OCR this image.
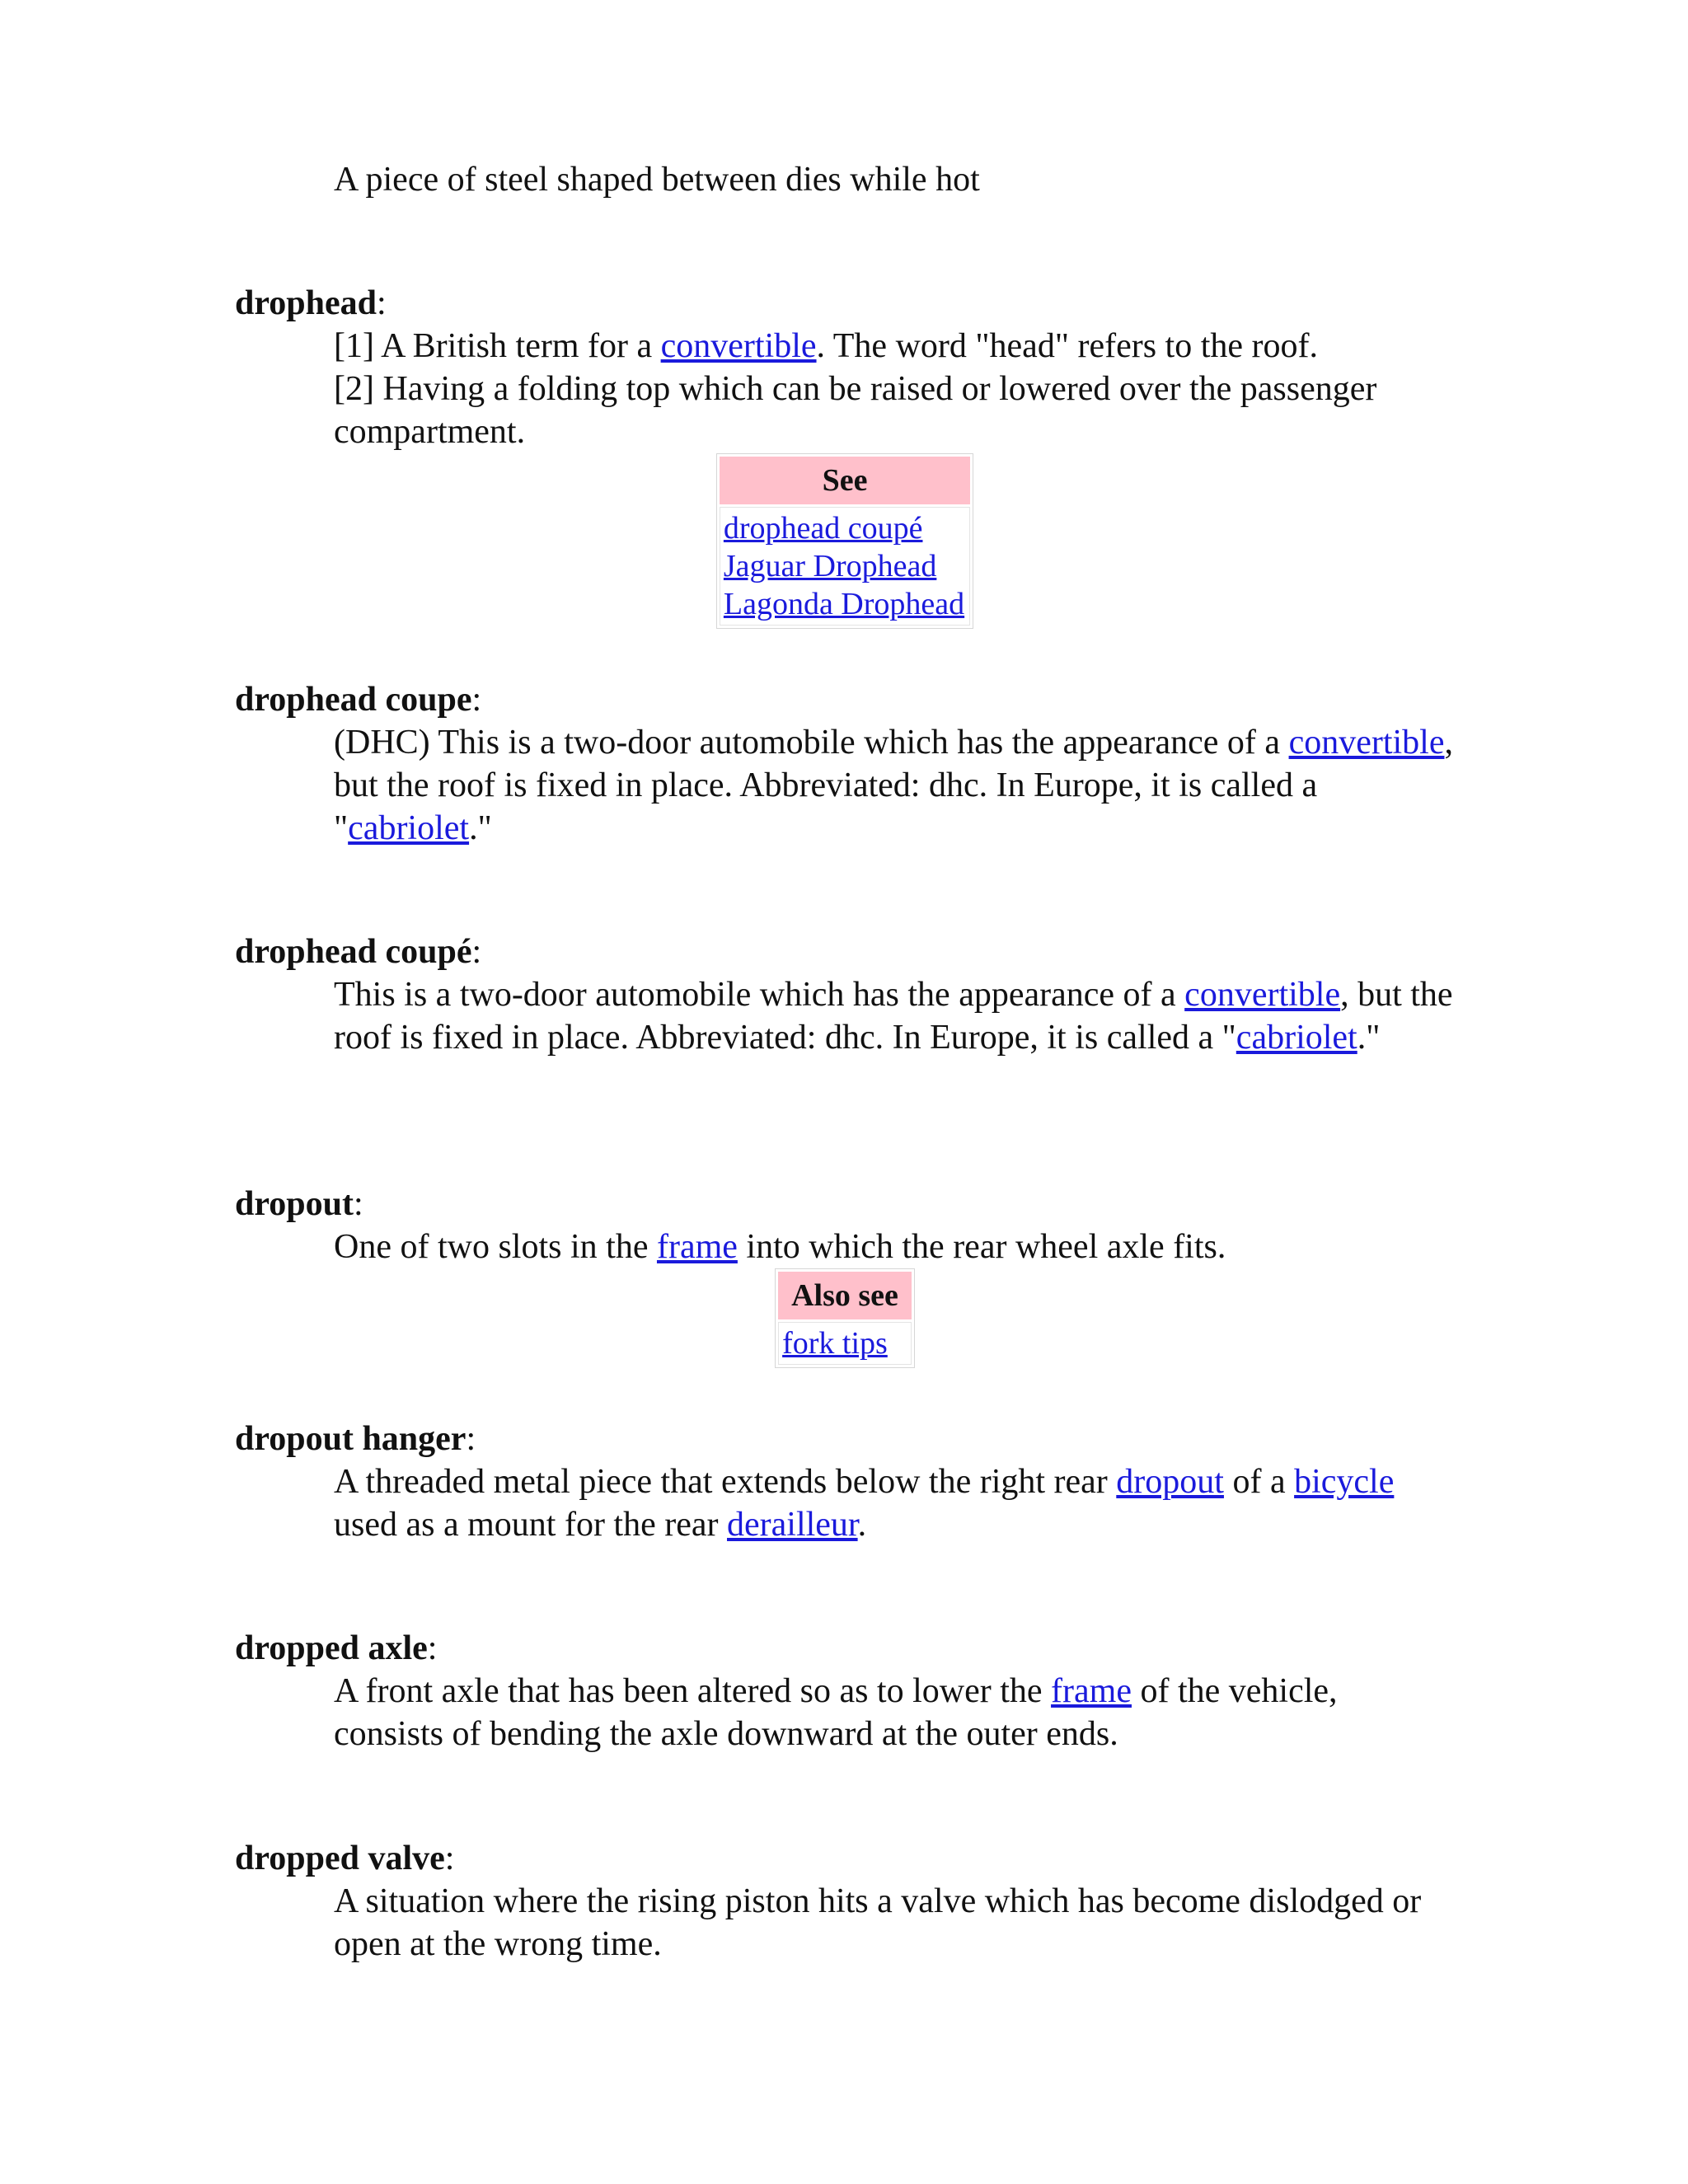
A piece of steel shaped between dies while hot
drophead:
[1] A British term for a convertible. The word "head" refers to the roof.
[2] Having a folding top which can be raised or lowered over the passenger compartment.
See

drophead coupé
Jaguar Drophead
Lagonda Drophead
drophead coupe:
(DHC) This is a two-door automobile which has the appearance of a convertible, but the roof is fixed in place. Abbreviated: dhc. In Europe, it is called a "cabriolet."
drophead coupé:
This is a two-door automobile which has the appearance of a convertible, but the roof is fixed in place. Abbreviated: dhc. In Europe, it is called a "cabriolet."
dropout:
One of two slots in the frame into which the rear wheel axle fits.
Also see

fork tips
dropout hanger:
A threaded metal piece that extends below the right rear dropout of a bicycle used as a mount for the rear derailleur.
dropped axle:
A front axle that has been altered so as to lower the frame of the vehicle, consists of bending the axle downward at the outer ends.
dropped valve:
A situation where the rising piston hits a valve which has become dislodged or open at the wrong time.
